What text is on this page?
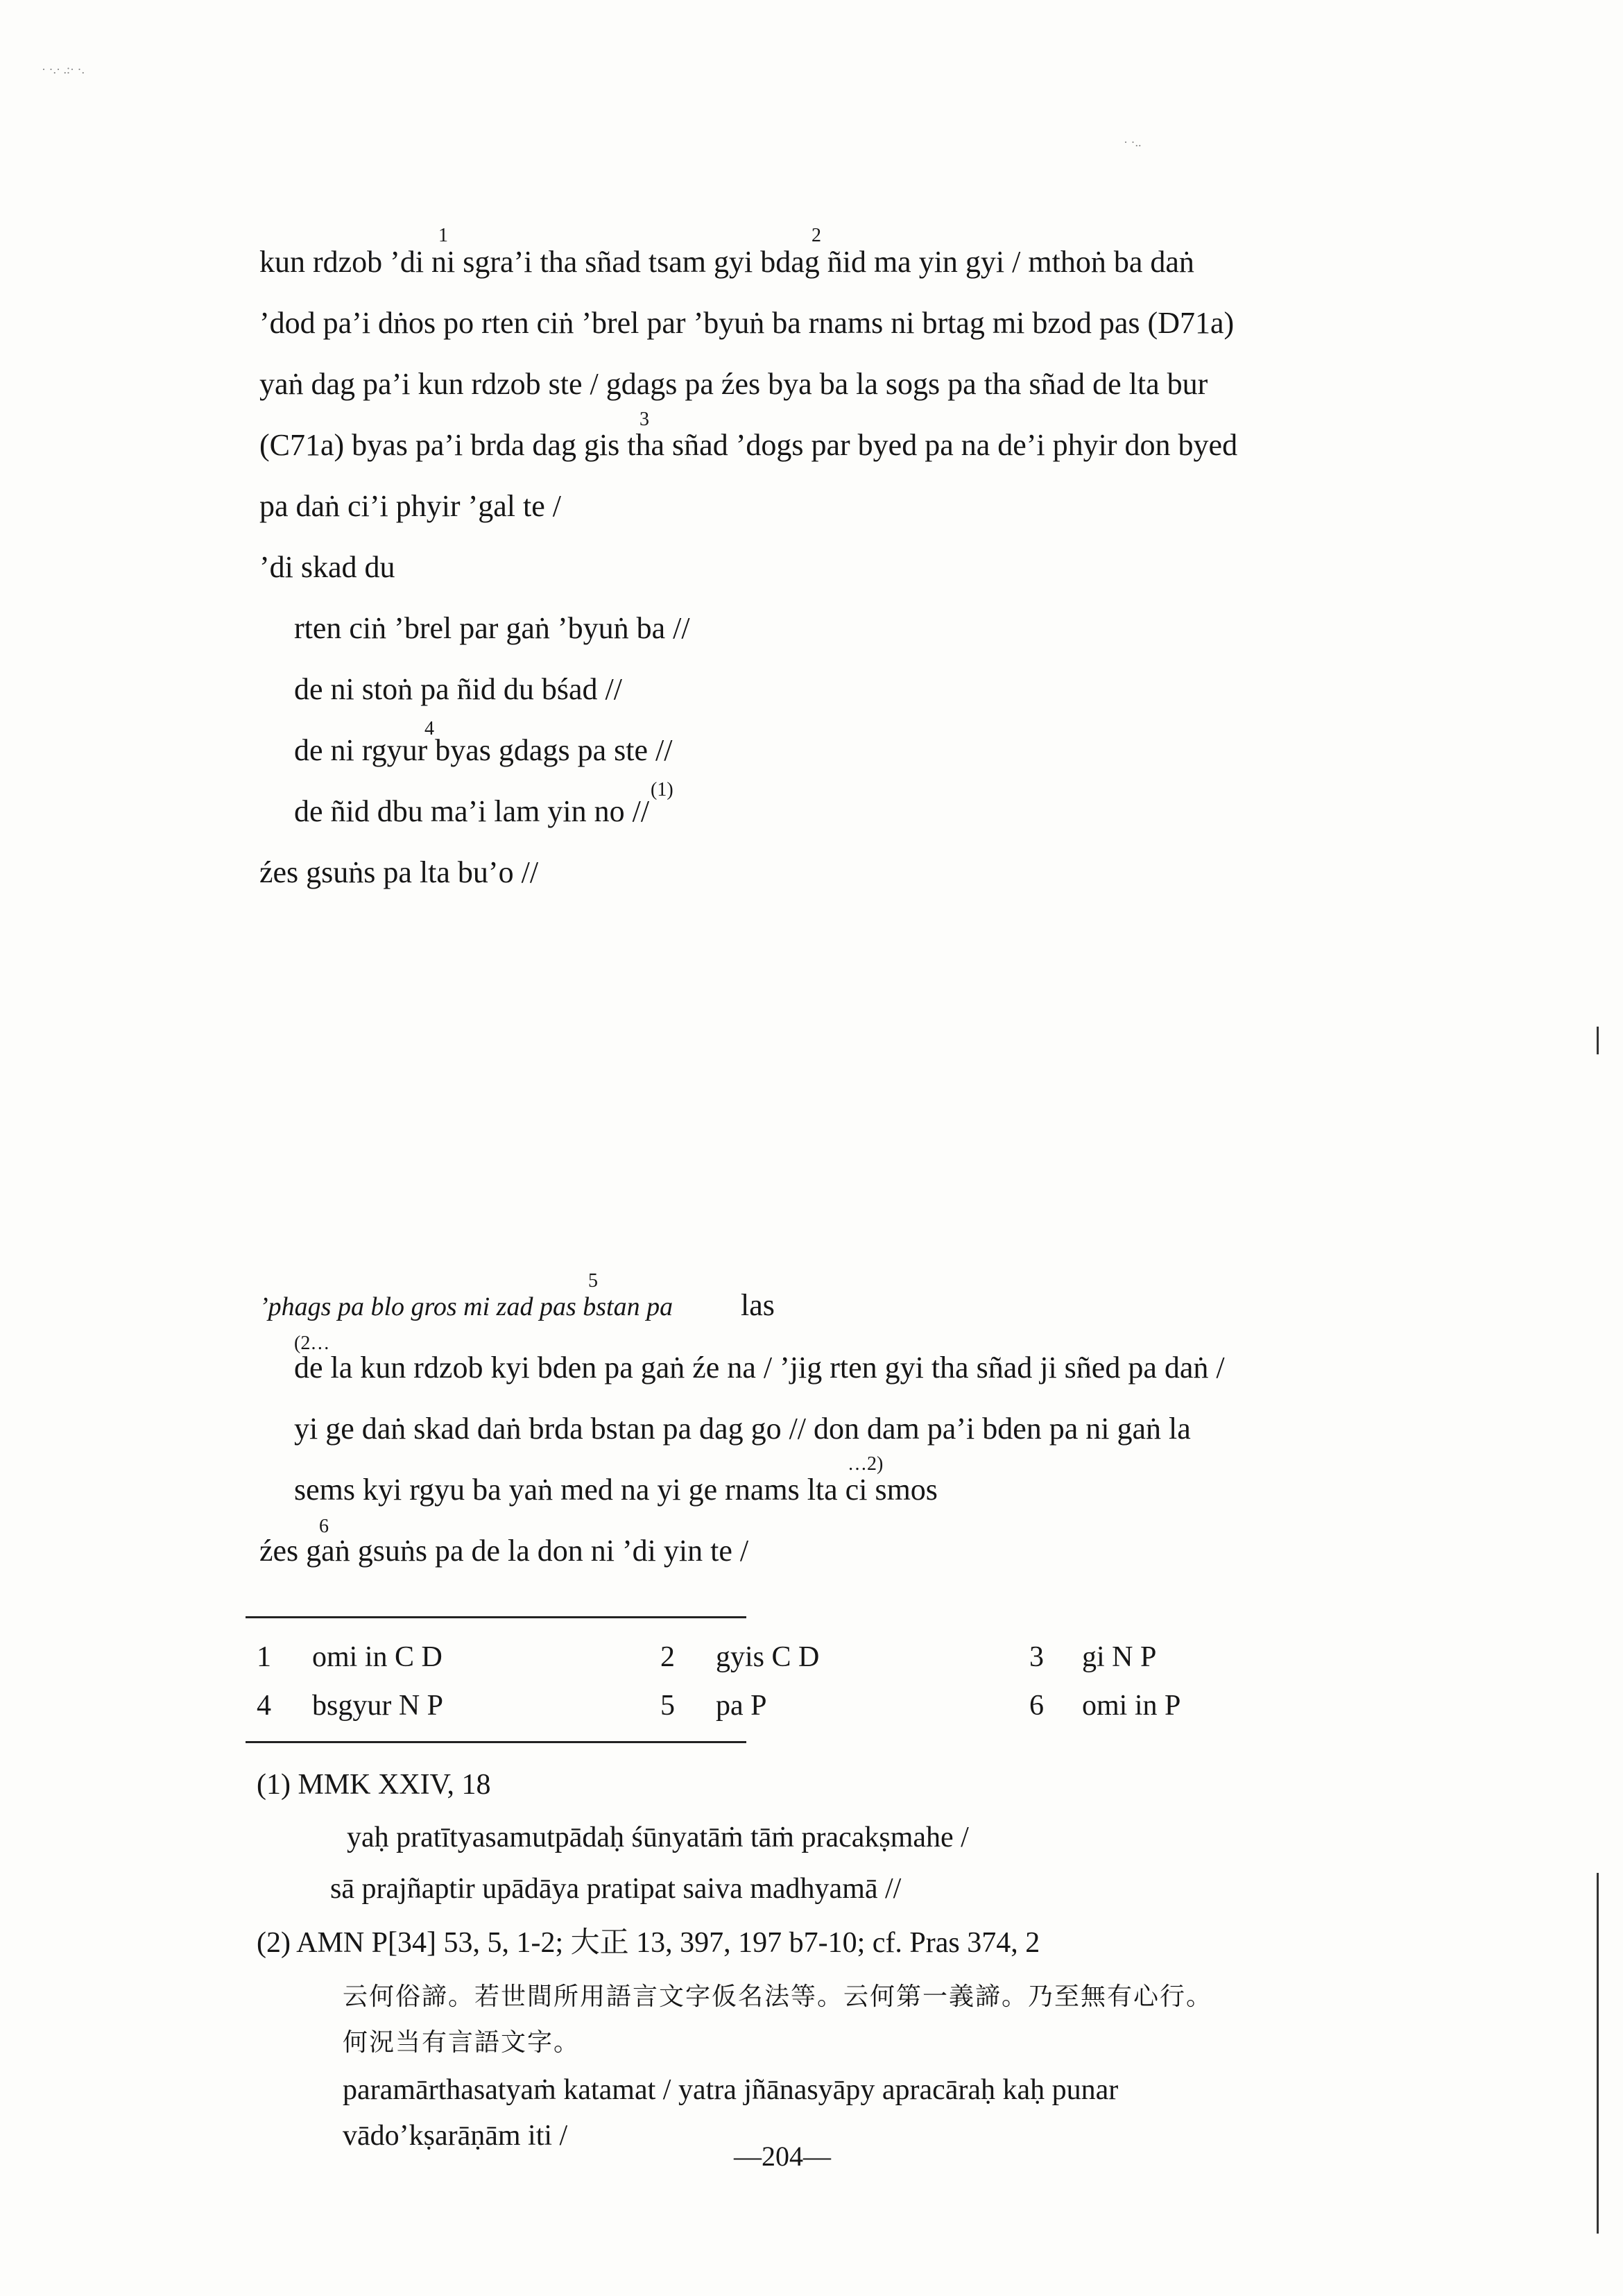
· ·.· .:· ·.
· ·..
1	2
3
4
5
6
(1)
(2…
…2)
kun rdzob ’di ni sgra’i tha sñad tsam gyi bdag ñid ma yin gyi / mthoṅ ba daṅ
’dod pa’i dṅos po rten ciṅ ’brel par ’byuṅ ba rnams ni brtag mi bzod pas (D71a)
yaṅ dag pa’i kun rdzob ste / gdags pa źes bya ba la sogs pa tha sñad de lta bur
(C71a) byas pa’i brda dag gis tha sñad ’dogs par byed pa na de’i phyir don byed
pa daṅ ci’i phyir ’gal te /
’di skad du
rten ciṅ ’brel par gaṅ ’byuṅ ba //
de ni stoṅ pa ñid du bśad //
de ni rgyur byas gdags pa ste //
de ñid dbu ma’i lam yin no //
źes gsuṅs pa lta bu’o //
’phags pa blo gros mi zad pas bstan pa las
de la kun rdzob kyi bden pa gaṅ źe na / ’jig rten gyi tha sñad ji sñed pa daṅ /
yi ge daṅ skad daṅ brda bstan pa dag go // don dam pa’i bden pa ni gaṅ la
sems kyi rgyu ba yaṅ med na yi ge rnams lta ci smos
źes gaṅ gsuṅs pa de la don ni ’di yin te /
1 omi in C D	2 gyis C D	3 gi N P
4 bsgyur N P	5 pa P	6 omi in P
(1) MMK XXIV, 18
yaḥ pratītyasamutpādaḥ śūnyatāṁ tāṁ pracakṣmahe /
sā prajñaptir upādāya pratipat saiva madhyamā //
(2) AMN P[34] 53, 5, 1-2; 大正 13, 397, 197 b7-10; cf. Pras 374, 2
云何俗諦。若世間所用語言文字仮名法等。云何第一義諦。乃至無有心行。
何況当有言語文字。
paramārthasatyaṁ katamat / yatra jñānasyāpy apracāraḥ kaḥ punar
vādo’kṣarāṇām iti /
—204—
